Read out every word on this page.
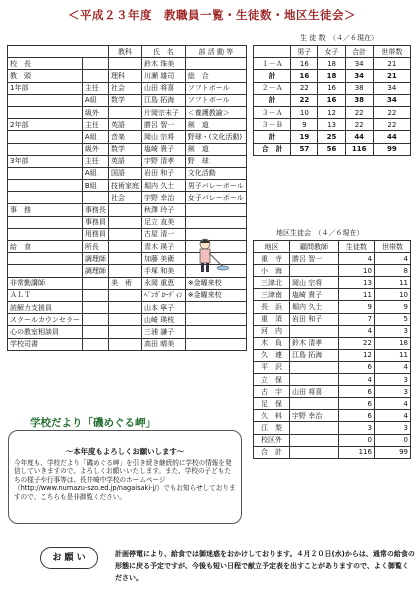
＜平成２３年度　教職員一覧・生徒数・地区生徒会＞
		教科	氏　名	部 活 動 等
校　長			鈴木 珠美	
教　頭		理科	川瀬 雄司	総　合
1年部	主任	社会	山田 将喜	ソフトボール
	A組	数学	江島 拓海	ソフトボール
	級外		片岡宗未子	＜養護教諭＞
2年部	主任	英語	勝呂 智一	剣　道
	A組	音楽	岡山 宗将	野球・(文化活動)
	級外	数学	塩崎 貴子	剣　道
3年部	主任	英語	宇野 清孝	野　球
	A組	国語	岩田 和子	文化活動
	B組	技術家庭	堀内 久土	男子バレーボール
		社会	宇野 幸治	女子バレーボール
事　務	事務長		秋澤 玲子	
	事務員		足立 直美	
	用務員		古屋 清一	
給　食	所長		青木 瑛子	
	調理師		加藤 美衛	
	調理師		手塚 和美	
非常勤講師		美　術	永岡 重恵	※金曜来校
ＡＬＴ			ﾍﾞﾝｶﾞﾛｰﾃﾞｨﾝ	※金曜来校
読解力支援員			山本 寧子	
スクールカウンセラー			山崎 瑛枝	
心の教室相談員			三浦 謙子	
学校司書			高田 晴美	
生 徒 数　（４／６現在）
	男子	女子	合計	世帯数
１－Ａ	16	18	34	21
計	16	18	34	21
２－Ａ	22	16	38	34
計	22	16	38	34
３－Ａ	10	12	22	22
３－Ｂ	9	13	22	22
計	19	25	44	44
合　計	57	56	116	99
地区生徒会　（４／６現在）
地区	顧問教師	生徒数	世帯数
重　寺	勝呂 智一	4	4
小　海		10	8
三津北	岡山 宗将	13	11
三津南	塩崎 貴子	11	10
長　浜	堀内 久土	9	9
重　須	岩田 和子	7	5
河　内		4	3
木　負	鈴木 清孝	22	18
久　連	江島 拓海	12	11
平　沢		6	4
立　保		4	3
古　宇	山田 将喜	6	3
足　保		6	4
久　料	宇野 幸治	6	4
江　梨		3	3
校区外		0	0
合　計		116	99
学校だより「磯めぐる岬」
～本年度もよろしくお願いします～
今年度も、学校だより「磯めぐる岬」を引き続き継続的に学校の情報を発信していきますので、よろしくお願いいたします。また、学校の子どもたちの様子や行事等は、長井崎中学校のホームページ（http://www.numazu-szo.ed.jp/nagaisaki-j/）でもお知らせしておりますので、こちらも是非御覧ください。
お 願 い	計画停電により、給食では御迷惑をおかけしております。４月２０日(水)からは、通常の給食の形態に戻る予定ですが、今後も短い日程で献立予定表を出すことがありますので、よく御覧ください。
